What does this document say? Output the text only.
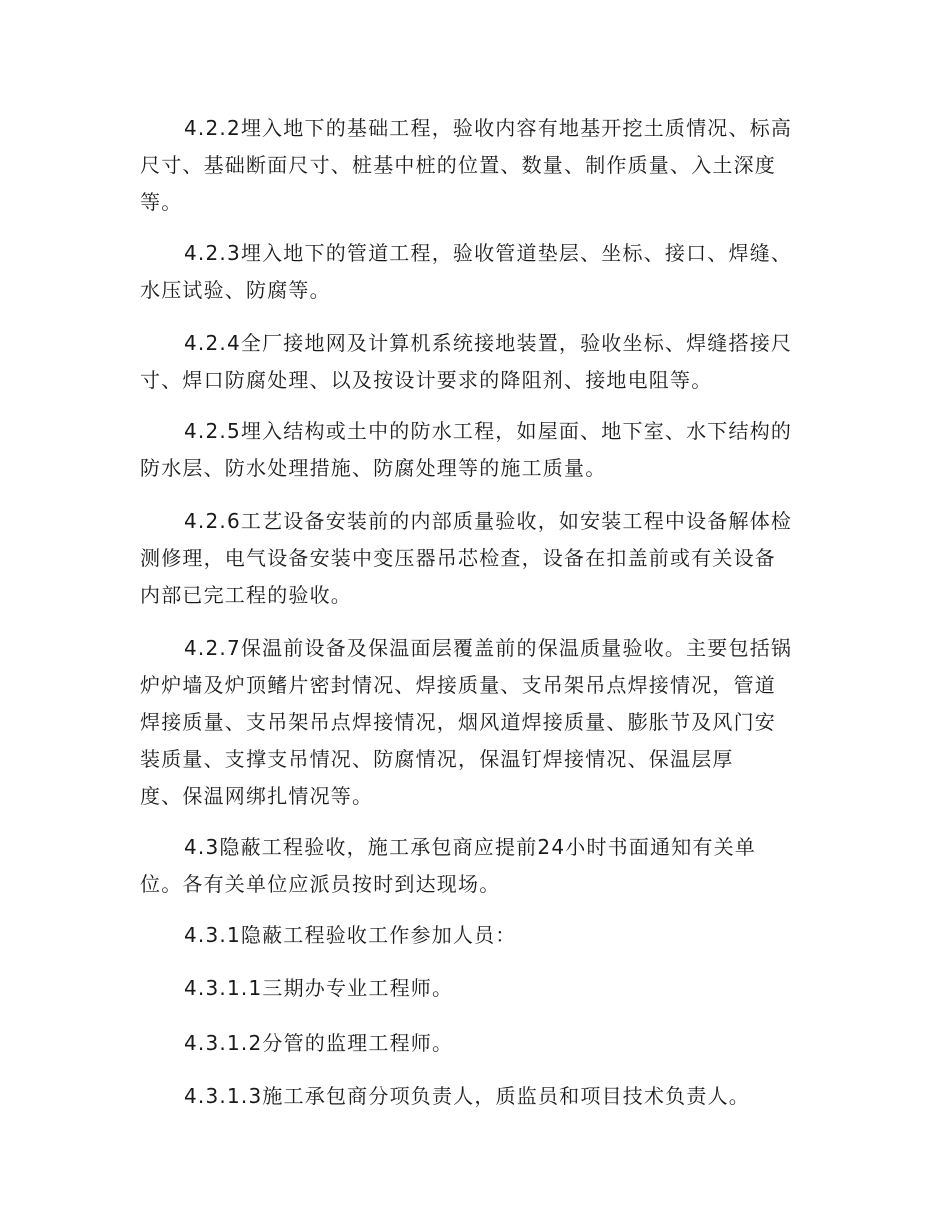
4.2.2埋入地下的基础工程，验收内容有地基开挖土质情况、标高
尺寸、基础断面尺寸、桩基中桩的位置、数量、制作质量、入土深度
等。

4.2.3埋入地下的管道工程，验收管道垫层、坐标、接口、焊缝、
水压试验、防腐等。

4.2.4全厂接地网及计算机系统接地装置，验收坐标、焊缝搭接尺
寸、焊口防腐处理、以及按设计要求的降阻剂、接地电阻等。

4.2.5埋入结构或土中的防水工程，如屋面、地下室、水下结构的
防水层、防水处理措施、防腐处理等的施工质量。

4.2.6工艺设备安装前的内部质量验收，如安装工程中设备解体检
测修理，电气设备安装中变压器吊芯检查，设备在扣盖前或有关设备
内部已完工程的验收。

4.2.7保温前设备及保温面层覆盖前的保温质量验收。主要包括锅
炉炉墙及炉顶鳍片密封情况、焊接质量、支吊架吊点焊接情况，管道
焊接质量、支吊架吊点焊接情况，烟风道焊接质量、膨胀节及风门安
装质量、支撑支吊情况、防腐情况，保温钉焊接情况、保温层厚
度、保温网绑扎情况等。

4.3隐蔽工程验收，施工承包商应提前24小时书面通知有关单
位。各有关单位应派员按时到达现场。

4.3.1隐蔽工程验收工作参加人员：

4.3.1.1三期办专业工程师。

4.3.1.2分管的监理工程师。

4.3.1.3施工承包商分项负责人，质监员和项目技术负责人。
